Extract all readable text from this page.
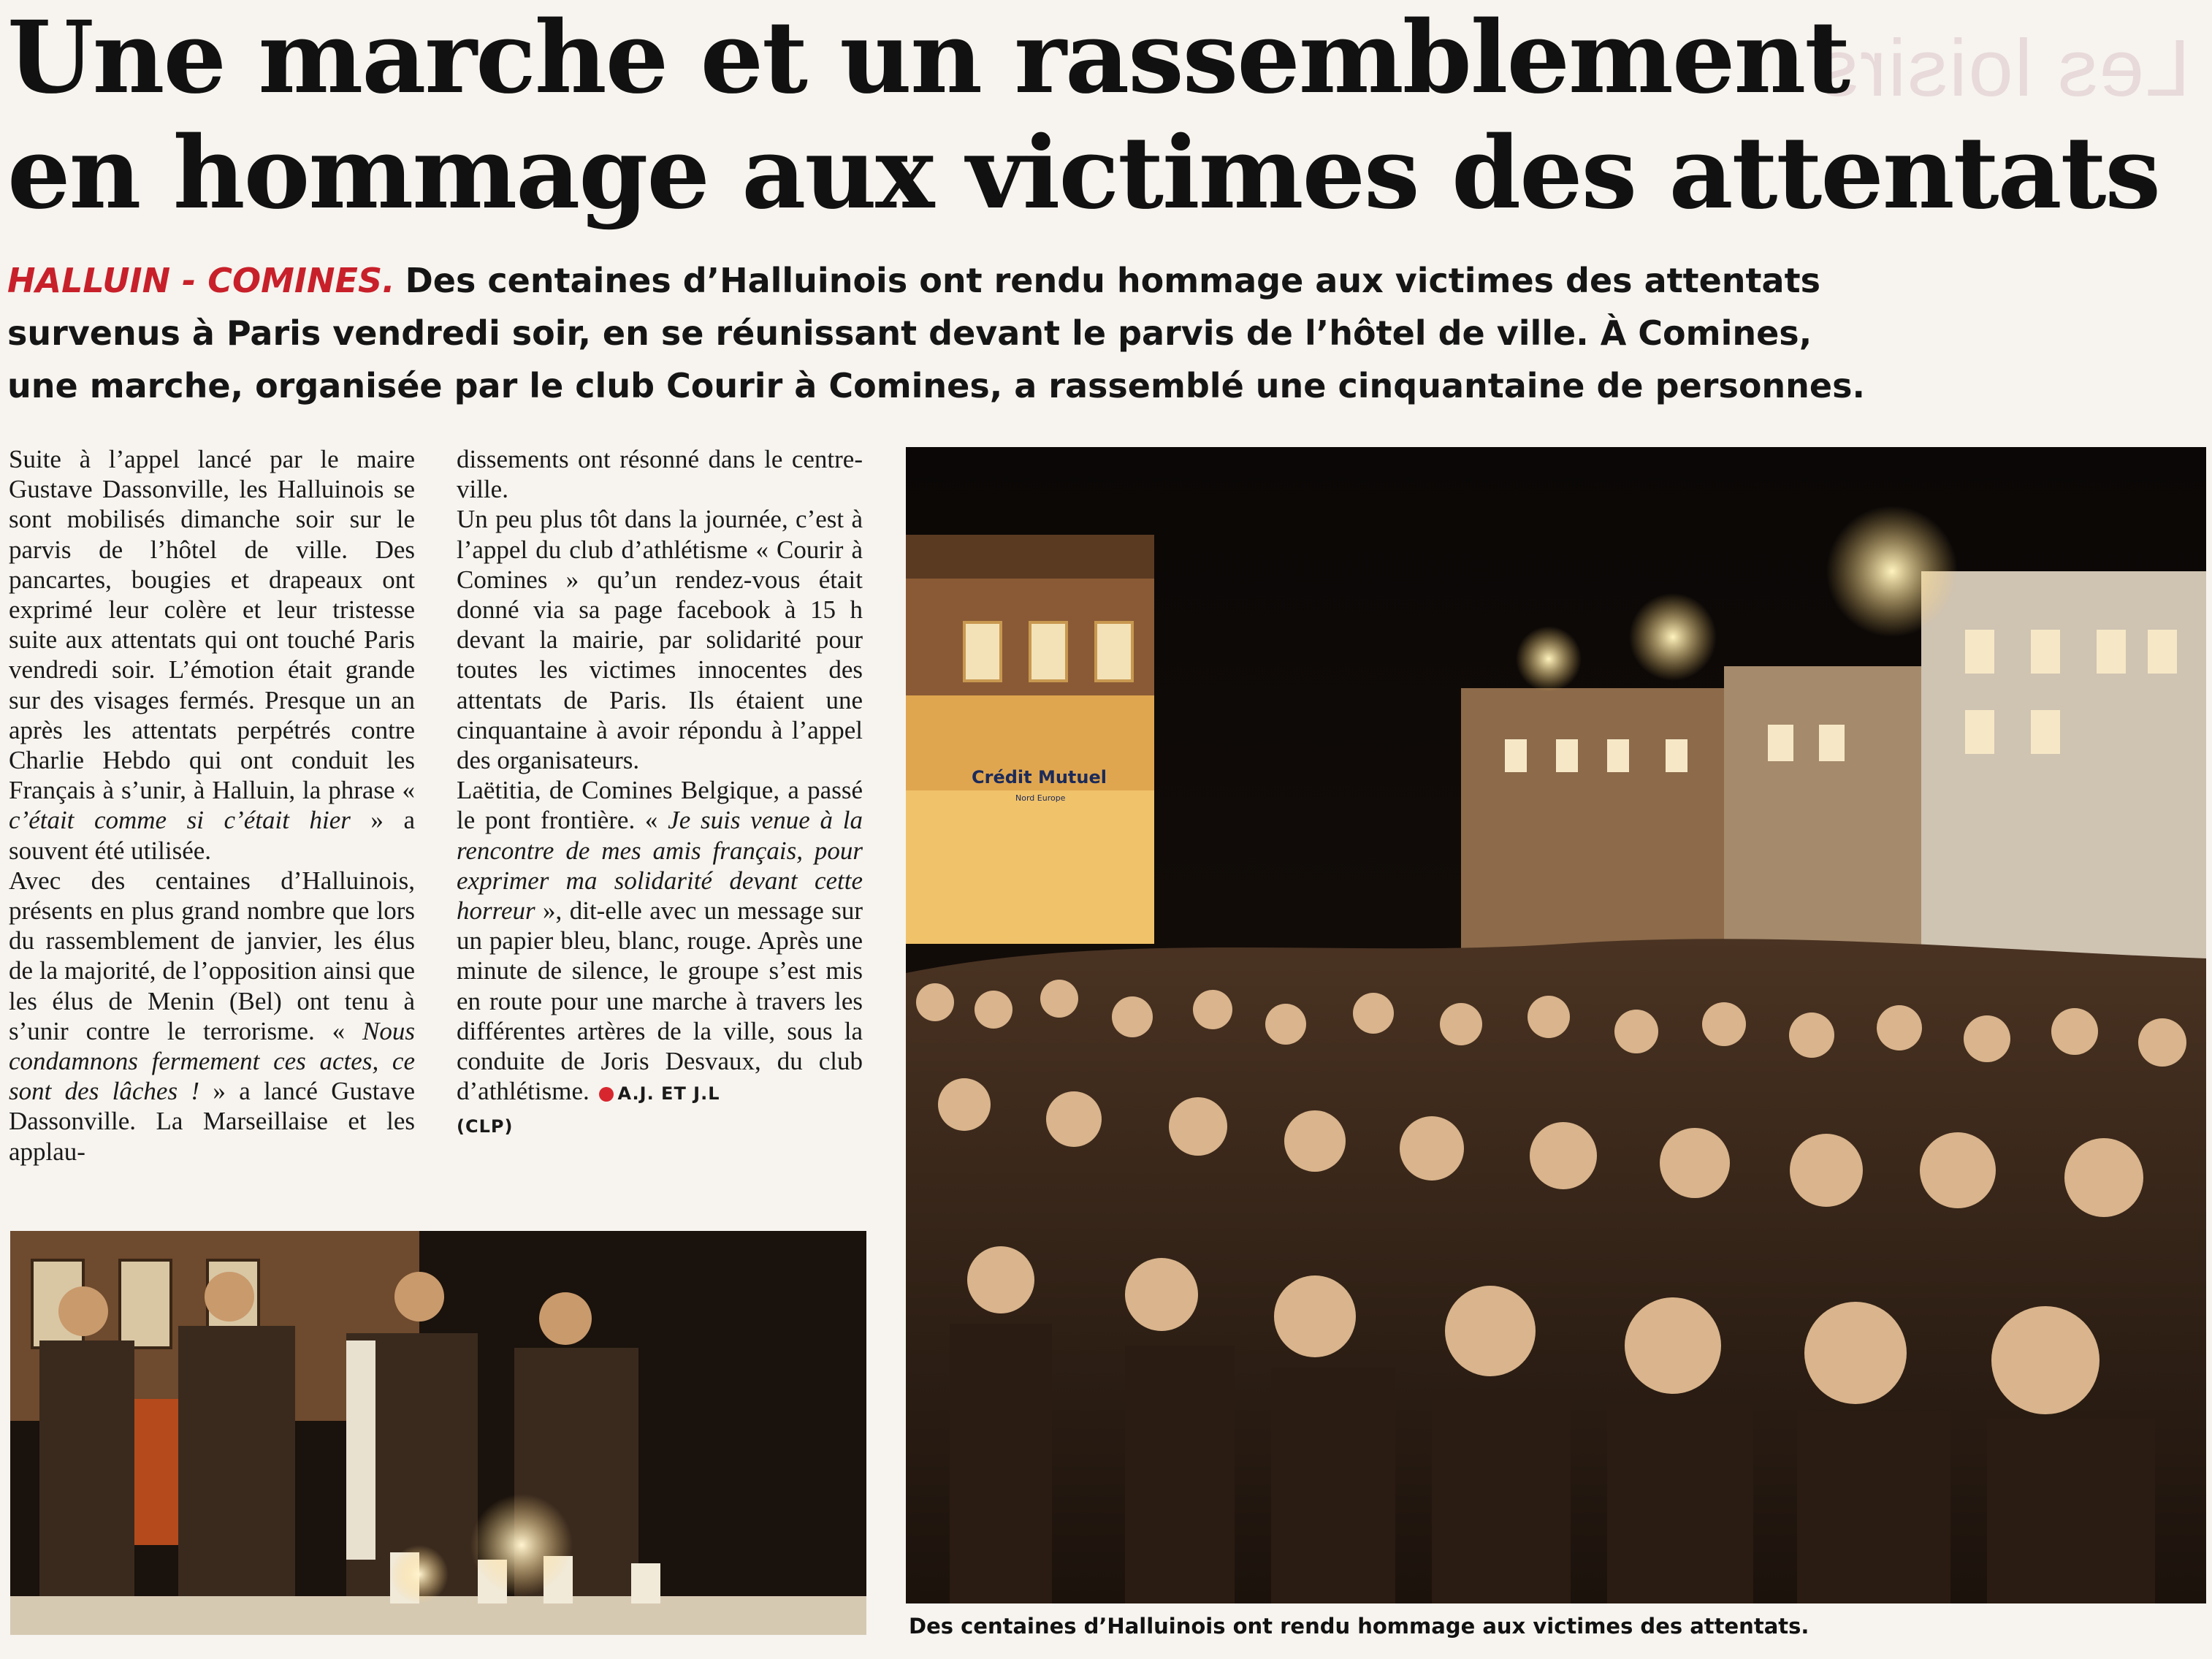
Les loisirs
Une marche et un rassemblement
en hommage aux victimes des attentats
HALLUIN - COMINES. Des centaines d’Halluinois ont rendu hommage aux victimes des attentats
survenus à Paris vendredi soir, en se réunissant devant le parvis de l’hôtel de ville. À Comines,
une marche, organisée par le club Courir à Comines, a rassemblé une cinquantaine de personnes.

Suite à l’appel lancé par le maire Gustave Dassonville, les Halluinois se sont mobilisés dimanche soir sur le parvis de l’hôtel de ville. Des pancartes, bougies et drapeaux ont exprimé leur colère et leur tristesse suite aux attentats qui ont touché Paris vendredi soir. L’émotion était grande sur des visages fermés. Presque un an après les attentats perpétrés contre Charlie Hebdo qui ont conduit les Français à s’unir, à Halluin, la phrase « c’était comme si c’était hier » a souvent été utilisée.

Avec des centaines d’Halluinois, présents en plus grand nombre que lors du rassemblement de janvier, les élus de la majorité, de l’opposition ainsi que les élus de Menin (Bel) ont tenu à s’unir contre le terrorisme. « Nous condamnons fermement ces actes, ce sont des lâches ! » a lancé Gustave Dassonville. La Marseillaise et les applau-

dissements ont résonné dans le centre-ville.

Un peu plus tôt dans la journée, c’est à l’appel du club d’athlétisme « Courir à Comines » qu’un rendez-vous était donné via sa page facebook à 15 h devant la mairie, par solidarité pour toutes les victimes innocentes des attentats de Paris. Ils étaient une cinquantaine à avoir répondu à l’appel des organisateurs.

Laëtitia, de Comines Belgique, a passé le pont frontière. « Je suis venue à la rencontre de mes amis français, pour exprimer ma solidarité devant cette horreur », dit-elle avec un message sur un papier bleu, blanc, rouge. Après une minute de silence, le groupe s’est mis en route pour une marche à travers les différentes artères de la ville, sous la conduite de Joris Desvaux, du club d’athlétisme. A.J. ET J.L
(CLP)

Crédit Mutuel
Nord Europe
Des centaines d’Halluinois ont rendu hommage aux victimes des attentats.
